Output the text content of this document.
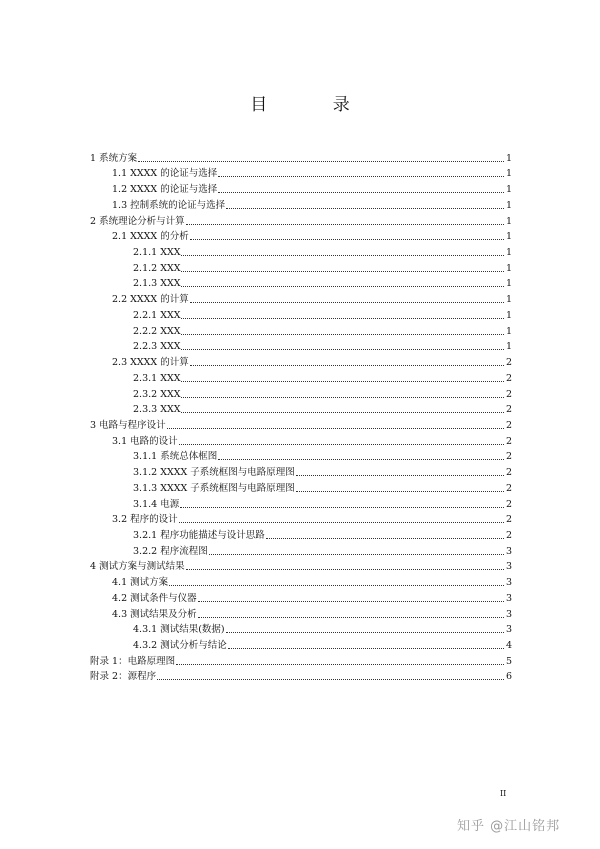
目 录
1 系统方案	1
1.1 XXXX 的论证与选择	1
1.2 XXXX 的论证与选择	1
1.3 控制系统的论证与选择	1
2 系统理论分析与计算	1
2.1 XXXX 的分析	1
2.1.1 XXX	1
2.1.2 XXX	1
2.1.3 XXX	1
2.2 XXXX 的计算	1
2.2.1 XXX	1
2.2.2 XXX	1
2.2.3 XXX	1
2.3 XXXX 的计算	2
2.3.1 XXX	2
2.3.2 XXX	2
2.3.3 XXX	2
3 电路与程序设计	2
3.1 电路的设计	2
3.1.1 系统总体框图	2
3.1.2 XXXX 子系统框图与电路原理图	2
3.1.3 XXXX 子系统框图与电路原理图	2
3.1.4 电源	2
3.2 程序的设计	2
3.2.1 程序功能描述与设计思路	2
3.2.2 程序流程图	3
4 测试方案与测试结果	3
4.1 测试方案	3
4.2 测试条件与仪器	3
4.3 测试结果及分析	3
4.3.1 测试结果(数据)	3
4.3.2 测试分析与结论	4
附录 1：电路原理图	5
附录 2：源程序	6
II
知乎 @江山铭邦
